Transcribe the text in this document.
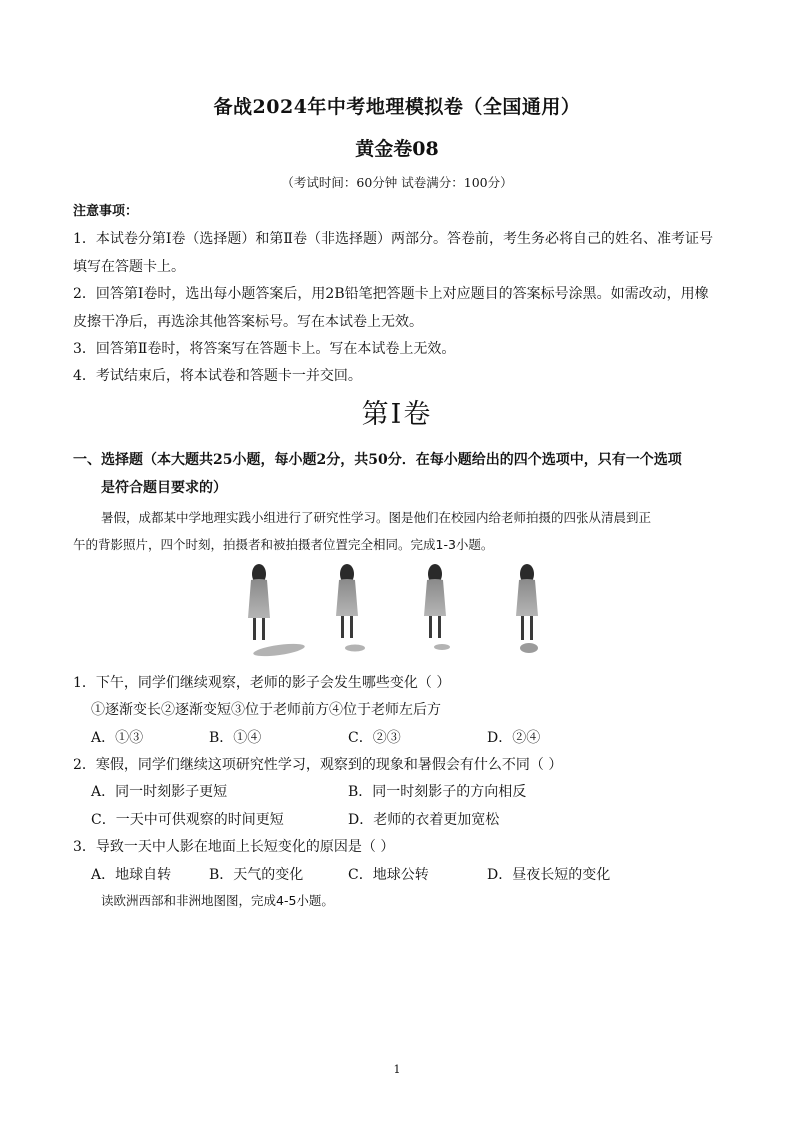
备战2024年中考地理模拟卷（全国通用）
黄金卷08
（考试时间：60分钟 试卷满分：100分）
注意事项：
1．本试卷分第Ⅰ卷（选择题）和第Ⅱ卷（非选择题）两部分。答卷前，考生务必将自己的姓名、准考证号
填写在答题卡上。
2．回答第Ⅰ卷时，选出每小题答案后，用2B铅笔把答题卡上对应题目的答案标号涂黑。如需改动，用橡
皮擦干净后，再选涂其他答案标号。写在本试卷上无效。
3．回答第Ⅱ卷时，将答案写在答题卡上。写在本试卷上无效。
4．考试结束后，将本试卷和答题卡一并交回。
第Ⅰ卷
一、选择题（本大题共25小题，每小题2分，共50分．在每小题给出的四个选项中，只有一个选项
是符合题目要求的）
暑假，成都某中学地理实践小组进行了研究性学习。图是他们在校园内给老师拍摄的四张从清晨到正
午的背影照片，四个时刻，拍摄者和被拍摄者位置完全相同。完成1-3小题。
1．下午，同学们继续观察，老师的影子会发生哪些变化（ ）
①逐渐变长②逐渐变短③位于老师前方④位于老师左后方
A．①③	B．①④	C．②③	D．②④
2．寒假，同学们继续这项研究性学习，观察到的现象和暑假会有什么不同（ ）
A．同一时刻影子更短	B．同一时刻影子的方向相反
C．一天中可供观察的时间更短	D．老师的衣着更加宽松
3．导致一天中人影在地面上长短变化的原因是（ ）
A．地球自转	B．天气的变化	C．地球公转	D．昼夜长短的变化
读欧洲西部和非洲地图图，完成4-5小题。
1
